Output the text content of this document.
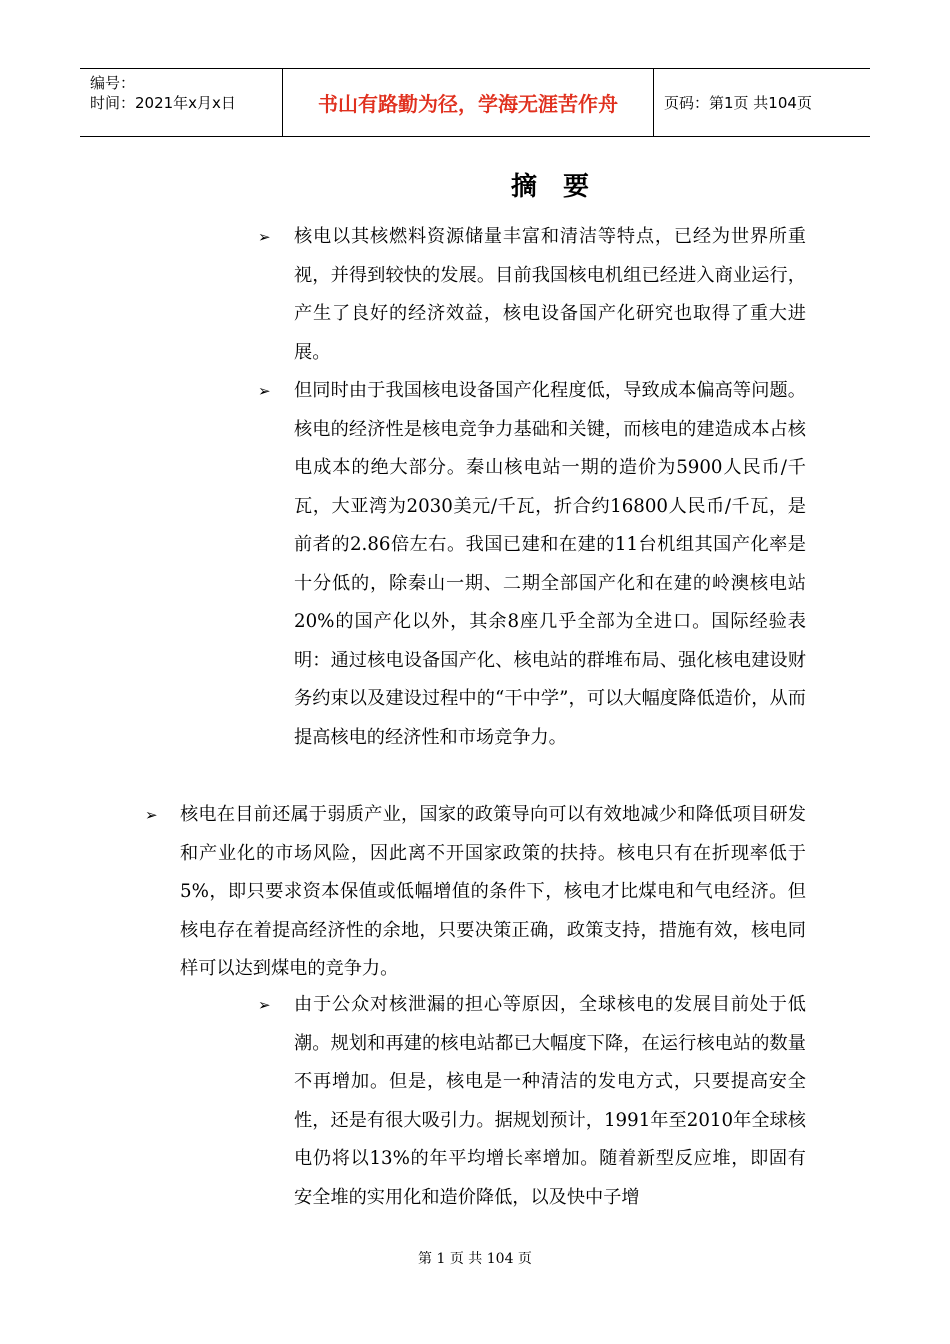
编号：
时间：2021年x月x日	书山有路勤为径，学海无涯苦作舟	页码：第1页 共104页
摘要
➢ 核电以其核燃料资源储量丰富和清洁等特点，已经为世界所重视，并得到较快的发展。目前我国核电机组已经进入商业运行，产生了良好的经济效益，核电设备国产化研究也取得了重大进展。
➢ 但同时由于我国核电设备国产化程度低，导致成本偏高等问题。核电的经济性是核电竞争力基础和关键，而核电的建造成本占核电成本的绝大部分。秦山核电站一期的造价为5900人民币/千瓦，大亚湾为2030美元/千瓦，折合约16800人民币/千瓦，是前者的2.86倍左右。我国已建和在建的11台机组其国产化率是十分低的，除秦山一期、二期全部国产化和在建的岭澳核电站20%的国产化以外，其余8座几乎全部为全进口。国际经验表明：通过核电设备国产化、核电站的群堆布局、强化核电建设财务约束以及建设过程中的“干中学”，可以大幅度降低造价，从而提高核电的经济性和市场竞争力。
➢ 核电在目前还属于弱质产业，国家的政策导向可以有效地减少和降低项目研发和产业化的市场风险，因此离不开国家政策的扶持。核电只有在折现率低于5%，即只要求资本保值或低幅增值的条件下，核电才比煤电和气电经济。但核电存在着提高经济性的余地，只要决策正确，政策支持，措施有效，核电同样可以达到煤电的竞争力。
➢ 由于公众对核泄漏的担心等原因，全球核电的发展目前处于低潮。规划和再建的核电站都已大幅度下降，在运行核电站的数量不再增加。但是，核电是一种清洁的发电方式，只要提高安全性，还是有很大吸引力。据规划预计，1991年至2010年全球核电仍将以13%的年平均增长率增加。随着新型反应堆，即固有安全堆的实用化和造价降低，以及快中子增
第 1 页 共 104 页
